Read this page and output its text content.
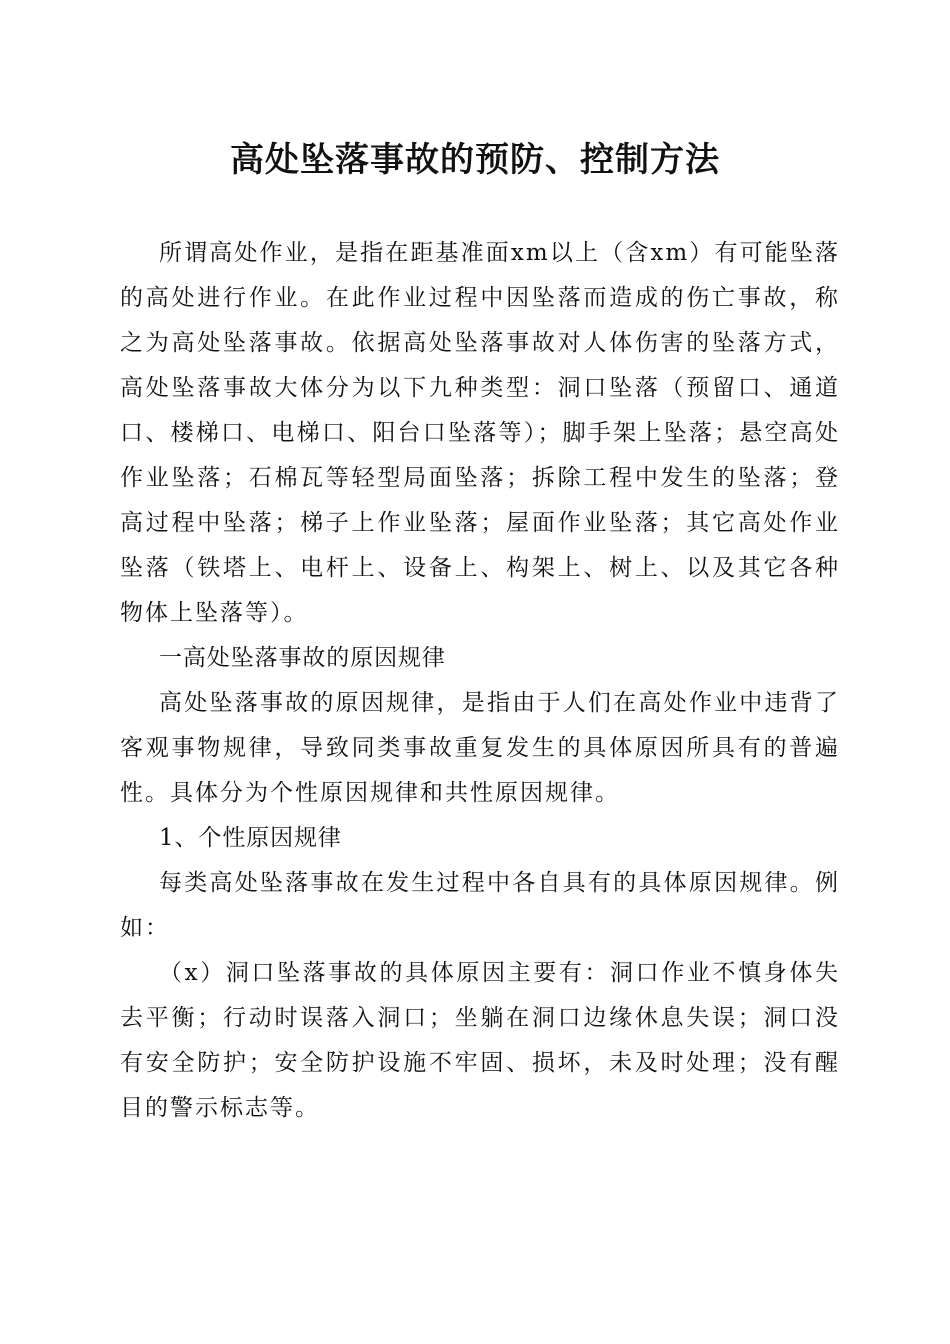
高处坠落事故的预防、控制方法

所谓高处作业，是指在距基准面xm以上（含xm）有可能坠落的高处进行作业。在此作业过程中因坠落而造成的伤亡事故，称之为高处坠落事故。依据高处坠落事故对人体伤害的坠落方式，高处坠落事故大体分为以下九种类型：洞口坠落（预留口、通道口、楼梯口、电梯口、阳台口坠落等）；脚手架上坠落；悬空高处作业坠落；石棉瓦等轻型局面坠落；拆除工程中发生的坠落；登高过程中坠落；梯子上作业坠落；屋面作业坠落；其它高处作业坠落（铁塔上、电杆上、设备上、构架上、树上、以及其它各种物体上坠落等）。

一高处坠落事故的原因规律

高处坠落事故的原因规律，是指由于人们在高处作业中违背了客观事物规律，导致同类事故重复发生的具体原因所具有的普遍性。具体分为个性原因规律和共性原因规律。

1、个性原因规律

每类高处坠落事故在发生过程中各自具有的具体原因规律。例如：

（x）洞口坠落事故的具体原因主要有：洞口作业不慎身体失去平衡；行动时误落入洞口；坐躺在洞口边缘休息失误；洞口没有安全防护；安全防护设施不牢固、损坏，未及时处理；没有醒目的警示标志等。
